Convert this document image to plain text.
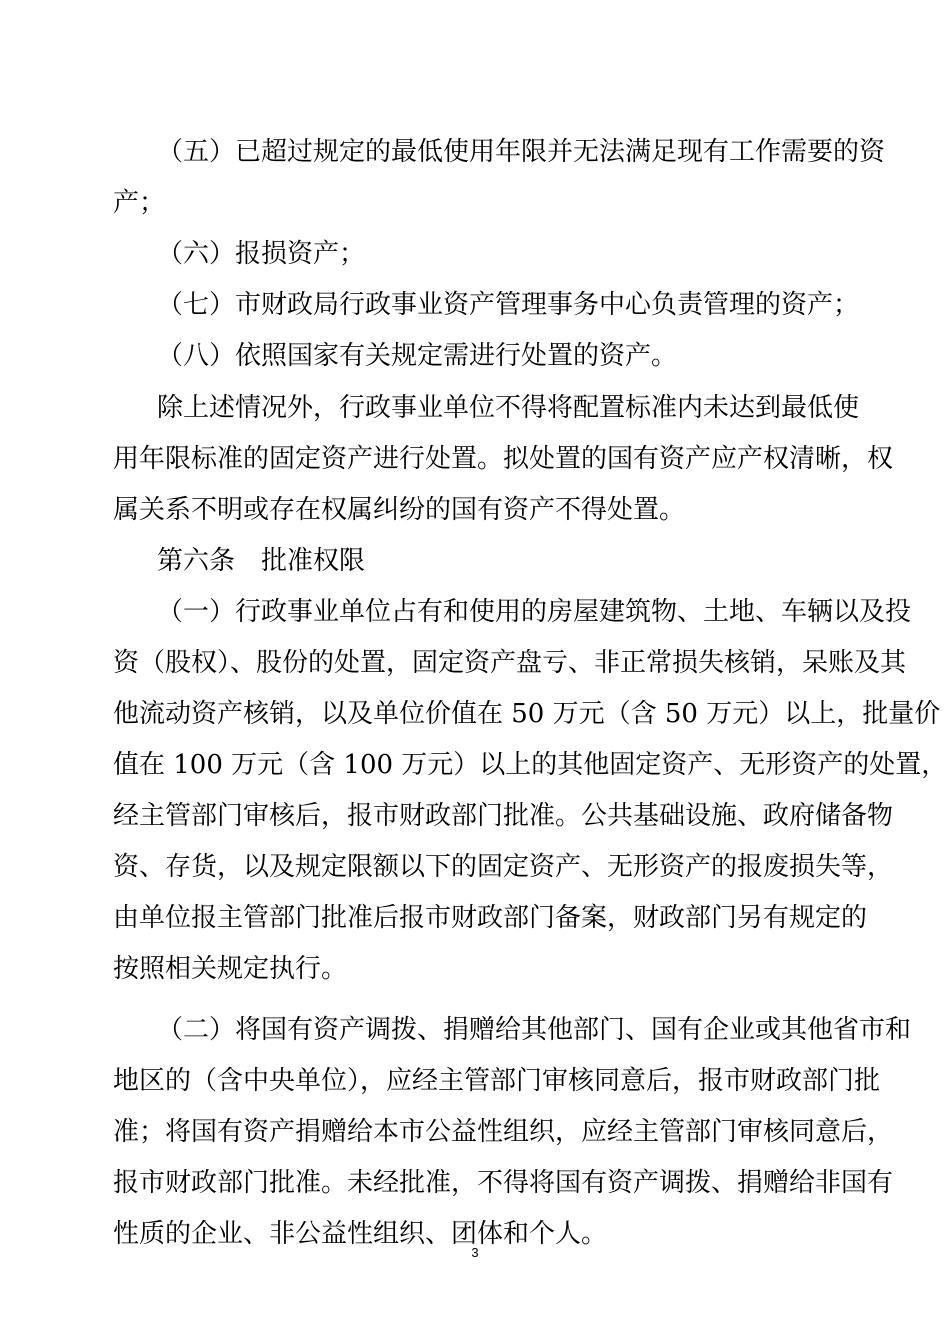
（五）已超过规定的最低使用年限并无法满足现有工作需要的资
产；
（六）报损资产；
（七）市财政局行政事业资产管理事务中心负责管理的资产；
（八）依照国家有关规定需进行处置的资产。
除上述情况外，行政事业单位不得将配置标准内未达到最低使
用年限标准的固定资产进行处置。拟处置的国有资产应产权清晰，权
属关系不明或存在权属纠纷的国有资产不得处置。
第六条　批准权限
（一）行政事业单位占有和使用的房屋建筑物、土地、车辆以及投
资（股权）、股份的处置，固定资产盘亏、非正常损失核销，呆账及其
他流动资产核销，以及单位价值在 50 万元（含 50 万元）以上，批量价
值在 100 万元（含 100 万元）以上的其他固定资产、无形资产的处置，
经主管部门审核后，报市财政部门批准。公共基础设施、政府储备物
资、存货，以及规定限额以下的固定资产、无形资产的报废损失等，
由单位报主管部门批准后报市财政部门备案，财政部门另有规定的
按照相关规定执行。
（二）将国有资产调拨、捐赠给其他部门、国有企业或其他省市和
地区的（含中央单位），应经主管部门审核同意后，报市财政部门批
准；将国有资产捐赠给本市公益性组织，应经主管部门审核同意后，
报市财政部门批准。未经批准，不得将国有资产调拨、捐赠给非国有
性质的企业、非公益性组织、团体和个人。
3
